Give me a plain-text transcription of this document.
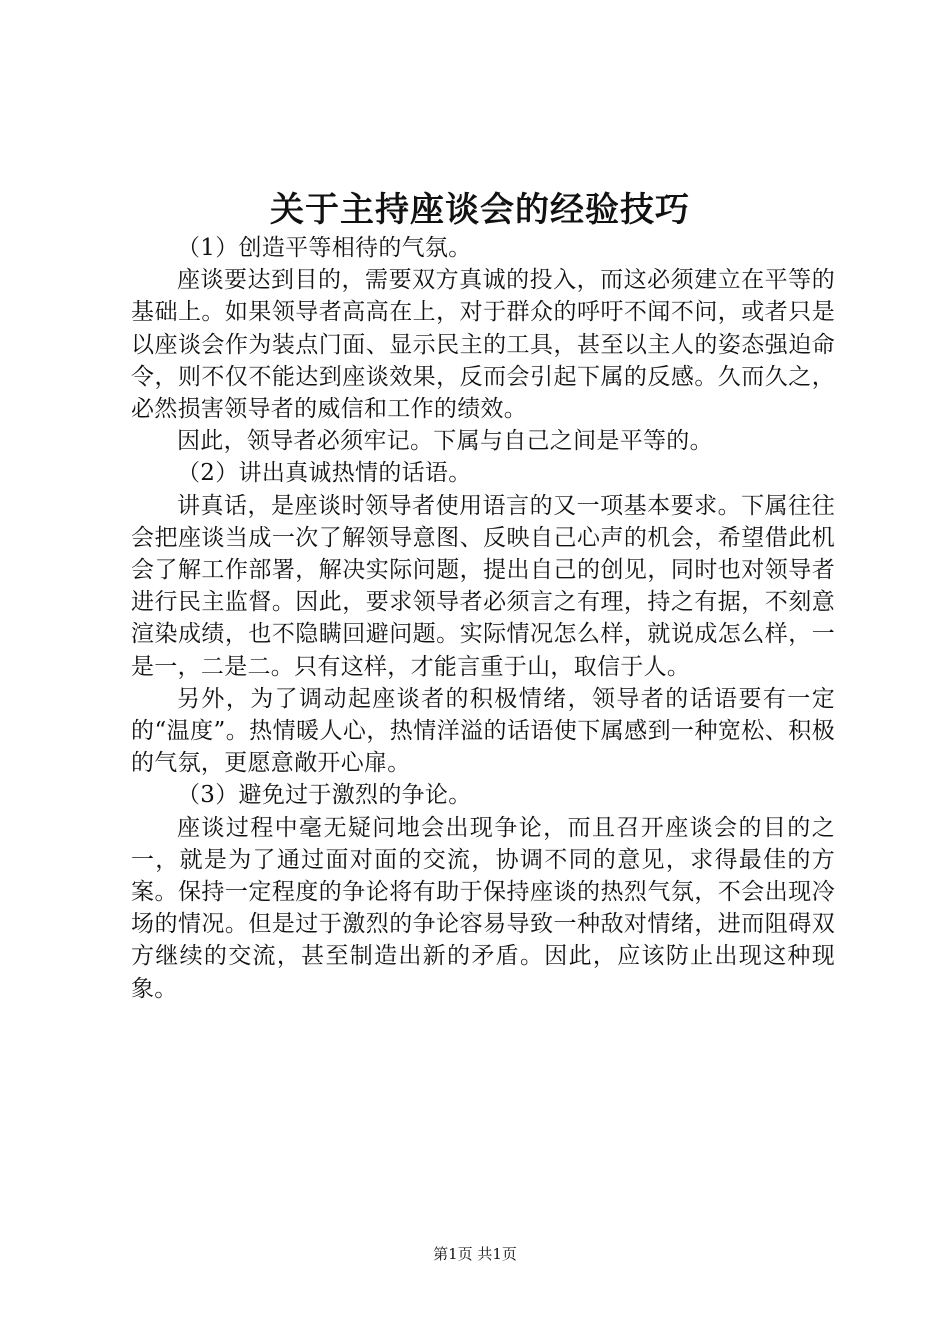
关于主持座谈会的经验技巧

（1）创造平等相待的气氛。

座谈要达到目的，需要双方真诚的投入，而这必须建立在平等的基础上。如果领导者高高在上，对于群众的呼吁不闻不问，或者只是以座谈会作为装点门面、显示民主的工具，甚至以主人的姿态强迫命令，则不仅不能达到座谈效果，反而会引起下属的反感。久而久之，必然损害领导者的威信和工作的绩效。

因此，领导者必须牢记。下属与自己之间是平等的。

（2）讲出真诚热情的话语。

讲真话，是座谈时领导者使用语言的又一项基本要求。下属往往会把座谈当成一次了解领导意图、反映自己心声的机会，希望借此机会了解工作部署，解决实际问题，提出自己的创见，同时也对领导者进行民主监督。因此，要求领导者必须言之有理，持之有据，不刻意渲染成绩，也不隐瞒回避问题。实际情况怎么样，就说成怎么样，一是一，二是二。只有这样，才能言重于山，取信于人。

另外，为了调动起座谈者的积极情绪，领导者的话语要有一定的“温度”。热情暖人心，热情洋溢的话语使下属感到一种宽松、积极的气氛，更愿意敞开心扉。

（3）避免过于激烈的争论。

座谈过程中毫无疑问地会出现争论，而且召开座谈会的目的之一，就是为了通过面对面的交流，协调不同的意见，求得最佳的方案。保持一定程度的争论将有助于保持座谈的热烈气氛，不会出现冷场的情况。但是过于激烈的争论容易导致一种敌对情绪，进而阻碍双方继续的交流，甚至制造出新的矛盾。因此，应该防止出现这种现象。

第1页 共1页
